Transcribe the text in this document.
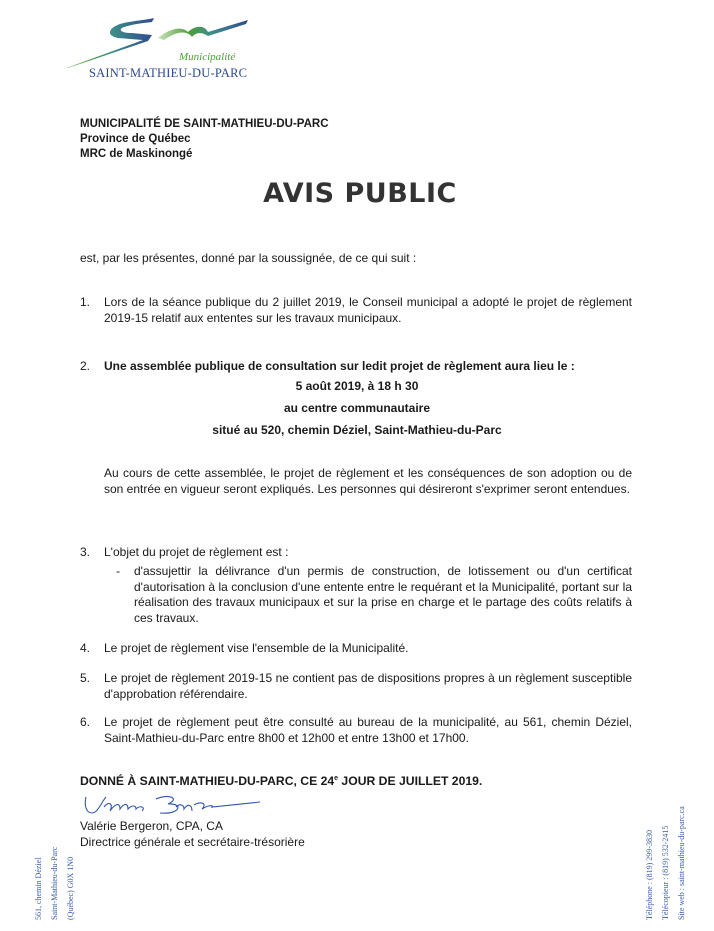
Municipalité
SAINT-MATHIEU-DU-PARC
MUNICIPALITÉ DE SAINT-MATHIEU-DU-PARC
Province de Québec
MRC de Maskinongé
AVIS PUBLIC
est, par les présentes, donné par la soussignée, de ce qui suit :
1.	Lors de la séance publique du 2 juillet 2019, le Conseil municipal a adopté le projet de règlement 2019-15 relatif aux ententes sur les travaux municipaux.
2.	Une assemblée publique de consultation sur ledit projet de règlement aura lieu le :
5 août 2019, à 18 h 30
au centre communautaire
situé au 520, chemin Déziel, Saint-Mathieu-du-Parc
Au cours de cette assemblée, le projet de règlement et les conséquences de son adoption ou de son entrée en vigueur seront expliqués. Les personnes qui désireront s'exprimer seront entendues.
3.	L'objet du projet de règlement est :
- d'assujettir la délivrance d'un permis de construction, de lotissement ou d'un certificat d'autorisation à la conclusion d'une entente entre le requérant et la Municipalité, portant sur la réalisation des travaux municipaux et sur la prise en charge et le partage des coûts relatifs à ces travaux.
4.	Le projet de règlement vise l'ensemble de la Municipalité.
5.	Le projet de règlement 2019-15 ne contient pas de dispositions propres à un règlement susceptible d'approbation référendaire.
6.	Le projet de règlement peut être consulté au bureau de la municipalité, au 561, chemin Déziel, Saint-Mathieu-du-Parc entre 8h00 et 12h00 et entre 13h00 et 17h00.
DONNÉ À SAINT-MATHIEU-DU-PARC, CE 24e JOUR DE JUILLET 2019.
Valérie Bergeron, CPA, CA
Directrice générale et secrétaire-trésorière
561, chemin Déziel Saint-Mathieu-du-Parc (Québec) G0X 1N0	Téléphone : (819) 299-3830 Télécopieur : (819) 532-2415 Site web : saint-mathieu-du-parc.ca
